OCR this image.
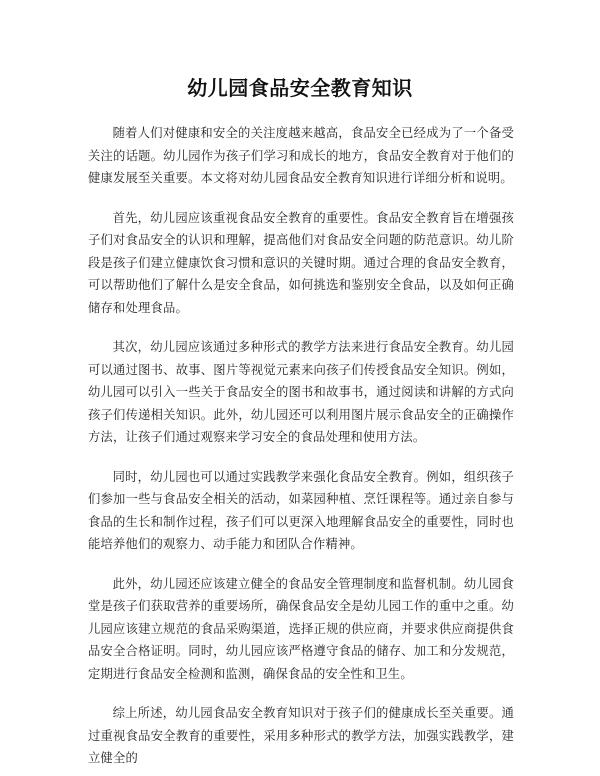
幼儿园食品安全教育知识

随着人们对健康和安全的关注度越来越高，食品安全已经成为了一个备受关注的话题。幼儿园作为孩子们学习和成长的地方，食品安全教育对于他们的健康发展至关重要。本文将对幼儿园食品安全教育知识进行详细分析和说明。

首先，幼儿园应该重视食品安全教育的重要性。食品安全教育旨在增强孩子们对食品安全的认识和理解，提高他们对食品安全问题的防范意识。幼儿阶段是孩子们建立健康饮食习惯和意识的关键时期。通过合理的食品安全教育，可以帮助他们了解什么是安全食品，如何挑选和鉴别安全食品，以及如何正确储存和处理食品。

其次，幼儿园应该通过多种形式的教学方法来进行食品安全教育。幼儿园可以通过图书、故事、图片等视觉元素来向孩子们传授食品安全知识。例如，幼儿园可以引入一些关于食品安全的图书和故事书，通过阅读和讲解的方式向孩子们传递相关知识。此外，幼儿园还可以利用图片展示食品安全的正确操作方法，让孩子们通过观察来学习安全的食品处理和使用方法。

同时，幼儿园也可以通过实践教学来强化食品安全教育。例如，组织孩子们参加一些与食品安全相关的活动，如菜园种植、烹饪课程等。通过亲自参与食品的生长和制作过程，孩子们可以更深入地理解食品安全的重要性，同时也能培养他们的观察力、动手能力和团队合作精神。

此外，幼儿园还应该建立健全的食品安全管理制度和监督机制。幼儿园食堂是孩子们获取营养的重要场所，确保食品安全是幼儿园工作的重中之重。幼儿园应该建立规范的食品采购渠道，选择正规的供应商，并要求供应商提供食品安全合格证明。同时，幼儿园应该严格遵守食品的储存、加工和分发规范，定期进行食品安全检测和监测，确保食品的安全性和卫生。

综上所述，幼儿园食品安全教育知识对于孩子们的健康成长至关重要。通过重视食品安全教育的重要性，采用多种形式的教学方法，加强实践教学，建立健全的
